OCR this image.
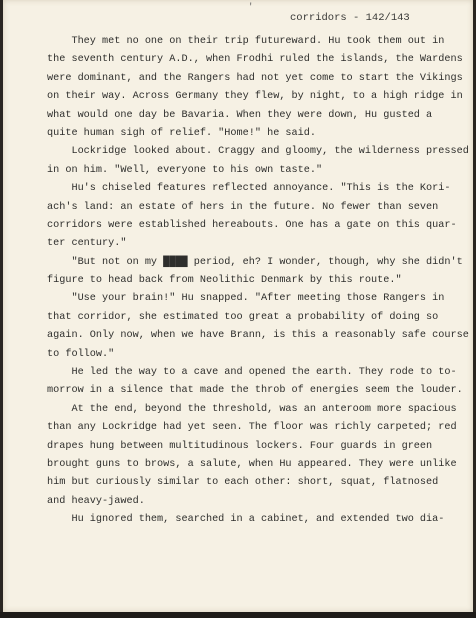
'
corridors - 142/143
They met no one on their trip futureward. Hu took them out in
the seventh century A.D., when Frodhi ruled the islands, the Wardens
were dominant, and the Rangers had not yet come to start the Vikings
on their way. Across Germany they flew, by night, to a high ridge in
what would one day be Bavaria. When they were down, Hu gusted a
quite human sigh of relief. "Home!" he said.
Lockridge looked about. Craggy and gloomy, the wilderness pressed
in on him. "Well, everyone to his own taste."
Hu's chiseled features reflected annoyance. "This is the Kori-
ach's land: an estate of hers in the future. No fewer than seven
corridors were established hereabouts. One has a gate on this quar-
ter century."
"But not on my ████ period, eh? I wonder, though, why she didn't
figure to head back from Neolithic Denmark by this route."
"Use your brain!" Hu snapped. "After meeting those Rangers in
that corridor, she estimated too great a probability of doing so
again. Only now, when we have Brann, is this a reasonably safe course
to follow."
He led the way to a cave and opened the earth. They rode to to-
morrow in a silence that made the throb of energies seem the louder.
At the end, beyond the threshold, was an anteroom more spacious
than any Lockridge had yet seen. The floor was richly carpeted; red
drapes hung between multitudinous lockers. Four guards in green
brought guns to brows, a salute, when Hu appeared. They were unlike
him but curiously similar to each other: short, squat, flatnosed
and heavy-jawed.
Hu ignored them, searched in a cabinet, and extended two dia-
